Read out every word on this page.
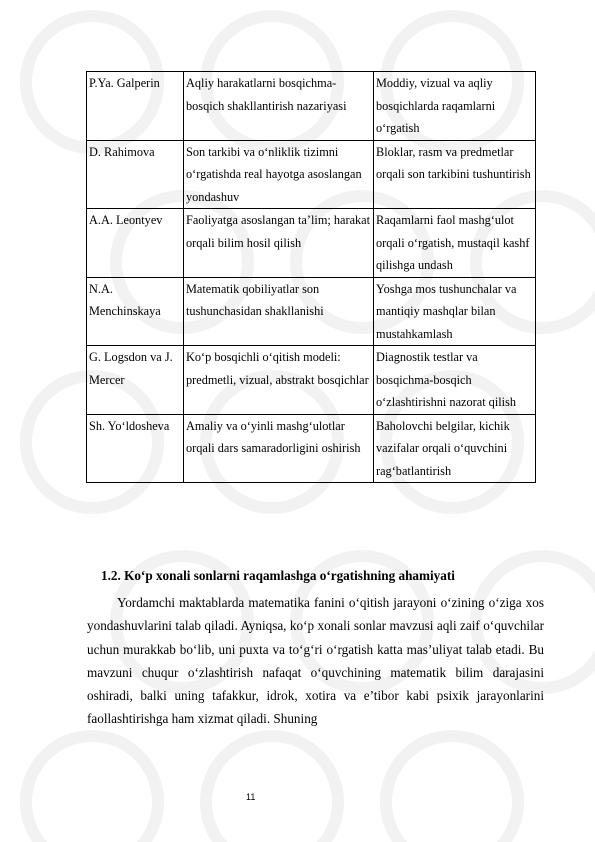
P.Ya. Galperin	Aqliy harakatlarni bosqichma-bosqich shakllantirish nazariyasi	Moddiy, vizual va aqliy bosqichlarda raqamlarni o‘rgatish
D. Rahimova	Son tarkibi va o‘nliklik tizimni o‘rgatishda real hayotga asoslangan yondashuv	Bloklar, rasm va predmetlar orqali son tarkibini tushuntirish
A.A. Leontyev	Faoliyatga asoslangan ta’lim; harakat orqali bilim hosil qilish	Raqamlarni faol mashg‘ulot orqali o‘rgatish, mustaqil kashf qilishga undash
N.A. Menchinskaya	Matematik qobiliyatlar son tushunchasidan shakllanishi	Yoshga mos tushunchalar va mantiqiy mashqlar bilan mustahkamlash
G. Logsdon va J. Mercer	Ko‘p bosqichli o‘qitish modeli: predmetli, vizual, abstrakt bosqichlar	Diagnostik testlar va bosqichma-bosqich o‘zlashtirishni nazorat qilish
Sh. Yo‘ldosheva	Amaliy va o‘yinli mashg‘ulotlar orqali dars samaradorligini oshirish	Baholovchi belgilar, kichik vazifalar orqali o‘quvchini rag‘batlantirish
1.2. Ko‘p xonali sonlarni raqamlashga o‘rgatishning ahamiyati

Yordamchi maktablarda matematika fanini o‘qitish jarayoni o‘zining o‘ziga xos yondashuvlarini talab qiladi. Ayniqsa, ko‘p xonali sonlar mavzusi aqli zaif o‘quvchilar uchun murakkab bo‘lib, uni puxta va to‘g‘ri o‘rgatish katta mas’uliyat talab etadi. Bu mavzuni chuqur o‘zlashtirish nafaqat o‘quvchining matematik bilim darajasini oshiradi, balki uning tafakkur, idrok, xotira va e’tibor kabi psixik jarayonlarini faollashtirishga ham xizmat qiladi. Shuning

11
